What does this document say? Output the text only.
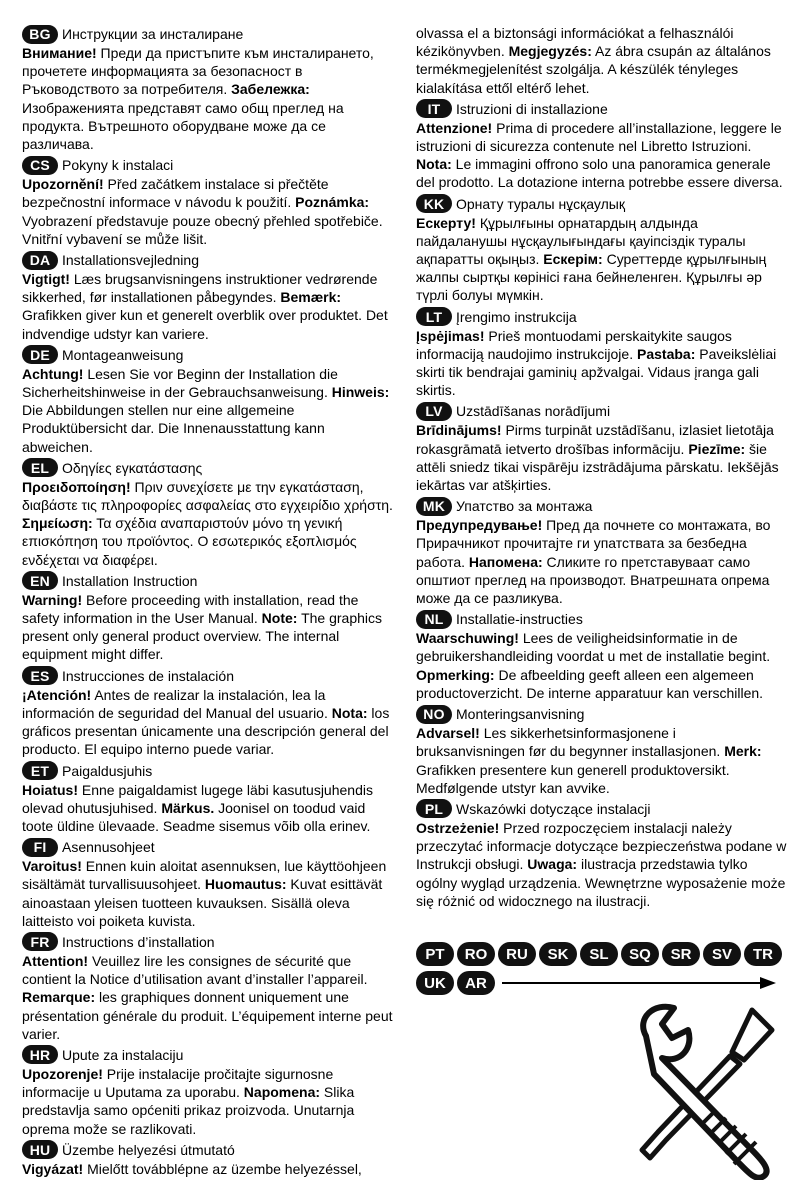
BG Инструкции за инсталиране
Внимание! Преди да пристъпите към инсталирането, прочетете информацията за безопасност в Ръководството за потребителя. Забележка: Изображенията представят само общ преглед на продукта. Вътрешното оборудване може да се различава.
CS Pokyny k instalaci
Upozornění! Před začátkem instalace si přečtěte bezpečnostní informace v návodu k použití. Poznámka: Vyobrazení představuje pouze obecný přehled spotřebiče. Vnitřní vybavení se může lišit.
DA Installationsvejledning
Vigtigt! Læs brugsanvisningens instruktioner vedrørende sikkerhed, før installationen påbegyndes. Bemærk: Grafikken giver kun et generelt overblik over produktet. Det indvendige udstyr kan variere.
DE Montageanweisung
Achtung! Lesen Sie vor Beginn der Installation die Sicherheitshinweise in der Gebrauchsanweisung. Hinweis: Die Abbildungen stellen nur eine allgemeine Produktübersicht dar. Die Innenausstattung kann abweichen.
EL Οδηγίες εγκατάστασης
Προειδοποίηση! Πριν συνεχίσετε με την εγκατάσταση, διαβάστε τις πληροφορίες ασφαλείας στο εγχειρίδιο χρήστη. Σημείωση: Τα σχέδια αναπαριστούν μόνο τη γενική επισκόπηση του προϊόντος. Ο εσωτερικός εξοπλισμός ενδέχεται να διαφέρει.
EN Installation Instruction
Warning! Before proceeding with installation, read the safety information in the User Manual. Note: The graphics present only general product overview. The internal equipment might differ.
ES Instrucciones de instalación
¡Atención! Antes de realizar la instalación, lea la información de seguridad del Manual del usuario. Nota: los gráficos presentan únicamente una descripción general del producto. El equipo interno puede variar.
ET Paigaldusjuhis
Hoiatus! Enne paigaldamist lugege läbi kasutusjuhendis olevad ohutusjuhised. Märkus. Joonisel on toodud vaid toote üldine ülevaade. Seadme sisemus võib olla erinev.
FI	Asennusohjeet
Varoitus! Ennen kuin aloitat asennuksen, lue käyttöohjeen sisältämät turvallisuusohjeet. Huomautus: Kuvat esittävät ainoastaan yleisen tuotteen kuvauksen. Sisällä oleva laitteisto voi poiketa kuvista.
FR Instructions d’installation
Attention! Veuillez lire les consignes de sécurité que contient la Notice d’utilisation avant d’installer l’appareil. Remarque: les graphiques donnent uniquement une présentation générale du produit. L’équipement interne peut varier.
HR Upute za instalaciju
Upozorenje! Prije instalacije pročitajte sigurnosne informacije u Uputama za uporabu. Napomena: Slika predstavlja samo općeniti prikaz proizvoda. Unutarnja oprema može se razlikovati.
HU Üzembe helyezési útmutató
Vigyázat! Mielőtt továbblépne az üzembe helyezéssel,
olvassa el a biztonsági információkat a felhasználói kézikönyvben. Megjegyzés: Az ábra csupán az általános termékmegjelenítést szolgálja. A készülék tényleges kialakítása ettől eltérő lehet.
IT	Istruzioni di installazione
Attenzione! Prima di procedere all’installazione, leggere le istruzioni di sicurezza contenute nel Libretto Istruzioni. Nota: Le immagini offrono solo una panoramica generale del prodotto. La dotazione interna potrebbe essere diversa.
KK Орнату туралы нұсқаулық
Ескерту! Құрылғыны орнатардың алдында пайдаланушы нұсқаулығындағы қауіпсіздік туралы ақпаратты оқыңыз. Ескерім: Суреттерде құрылғының жалпы сыртқы көрінісі ғана бейнеленген. Құрылғы әр түрлі болуы мүмкін.
LT Įrengimo instrukcija
Įspėjimas! Prieš montuodami perskaitykite saugos informaciją naudojimo instrukcijoje. Pastaba: Paveikslėliai skirti tik bendrajai gaminių apžvalgai. Vidaus įranga gali skirtis.
LV Uzstādīšanas norādījumi
Brīdinājums! Pirms turpināt uzstādīšanu, izlasiet lietotāja rokasgrāmatā ietverto drošības informāciju. Piezīme: šie attēli sniedz tikai vispārēju izstrādājuma pārskatu. Iekšējās iekārtas var atšķirties.
MK Упатство за монтажа
Предупредување! Пред да почнете со монтажата, во Прирачникот прочитајте ги упатствата за безбедна работа. Напомена: Сликите го претставуваат само општиот преглед на производот. Внатрешната опрема може да се разликува.
NL Installatie-instructies
Waarschuwing! Lees de veiligheidsinformatie in de gebruikershandleiding voordat u met de installatie begint. Opmerking: De afbeelding geeft alleen een algemeen productoverzicht. De interne apparatuur kan verschillen.
NO Monteringsanvisning
Advarsel! Les sikkerhetsinformasjonene i bruksanvisningen før du begynner installasjonen. Merk: Grafikken presentere kun generell produktoversikt. Medfølgende utstyr kan avvike.
PL Wskazówki dotyczące instalacji
Ostrzeżenie! Przed rozpoczęciem instalacji należy przeczytać informacje dotyczące bezpieczeństwa podane w Instrukcji obsługi. Uwaga: ilustracja przedstawia tylko ogólny wygląd urządzenia. Wewnętrzne wyposażenie może się różnić od widocznego na ilustracji.
PT	RO	RU	SK	SL	SQ	SR	SV	TR
UK	AR
